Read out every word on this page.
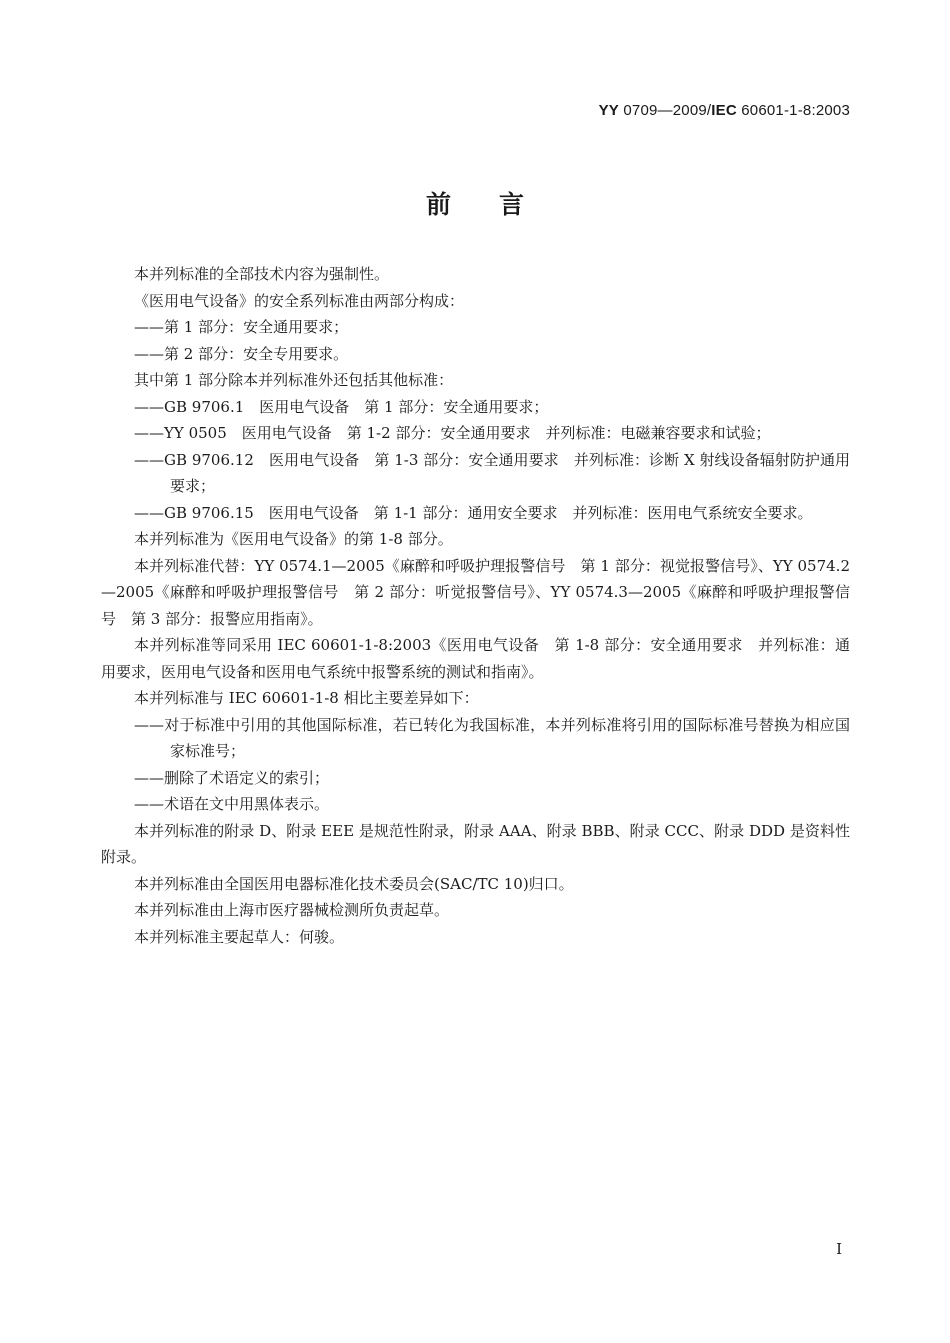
YY 0709—2009/IEC 60601-1-8:2003
前言

本并列标准的全部技术内容为强制性。

《医用电气设备》的安全系列标准由两部分构成：

——第 1 部分：安全通用要求；

——第 2 部分：安全专用要求。

其中第 1 部分除本并列标准外还包括其他标准：

——GB 9706.1　医用电气设备　第 1 部分：安全通用要求；

——YY 0505　医用电气设备　第 1-2 部分：安全通用要求　并列标准：电磁兼容要求和试验；

——GB 9706.12　医用电气设备　第 1-3 部分：安全通用要求　并列标准：诊断 X 射线设备辐射防护通用要求；

——GB 9706.15　医用电气设备　第 1-1 部分：通用安全要求　并列标准：医用电气系统安全要求。

本并列标准为《医用电气设备》的第 1-8 部分。

本并列标准代替：YY 0574.1—2005《麻醉和呼吸护理报警信号　第 1 部分：视觉报警信号》、YY 0574.2—2005《麻醉和呼吸护理报警信号　第 2 部分：听觉报警信号》、YY 0574.3—2005《麻醉和呼吸护理报警信号　第 3 部分：报警应用指南》。

本并列标准等同采用 IEC 60601-1-8:2003《医用电气设备　第 1-8 部分：安全通用要求　并列标准：通用要求，医用电气设备和医用电气系统中报警系统的测试和指南》。

本并列标准与 IEC 60601-1-8 相比主要差异如下：

——对于标准中引用的其他国际标准，若已转化为我国标准，本并列标准将引用的国际标准号替换为相应国家标准号；

——删除了术语定义的索引；

——术语在文中用黑体表示。

本并列标准的附录 D、附录 EEE 是规范性附录，附录 AAA、附录 BBB、附录 CCC、附录 DDD 是资料性附录。

本并列标准由全国医用电器标准化技术委员会(SAC/TC 10)归口。

本并列标准由上海市医疗器械检测所负责起草。

本并列标准主要起草人：何骏。

I
